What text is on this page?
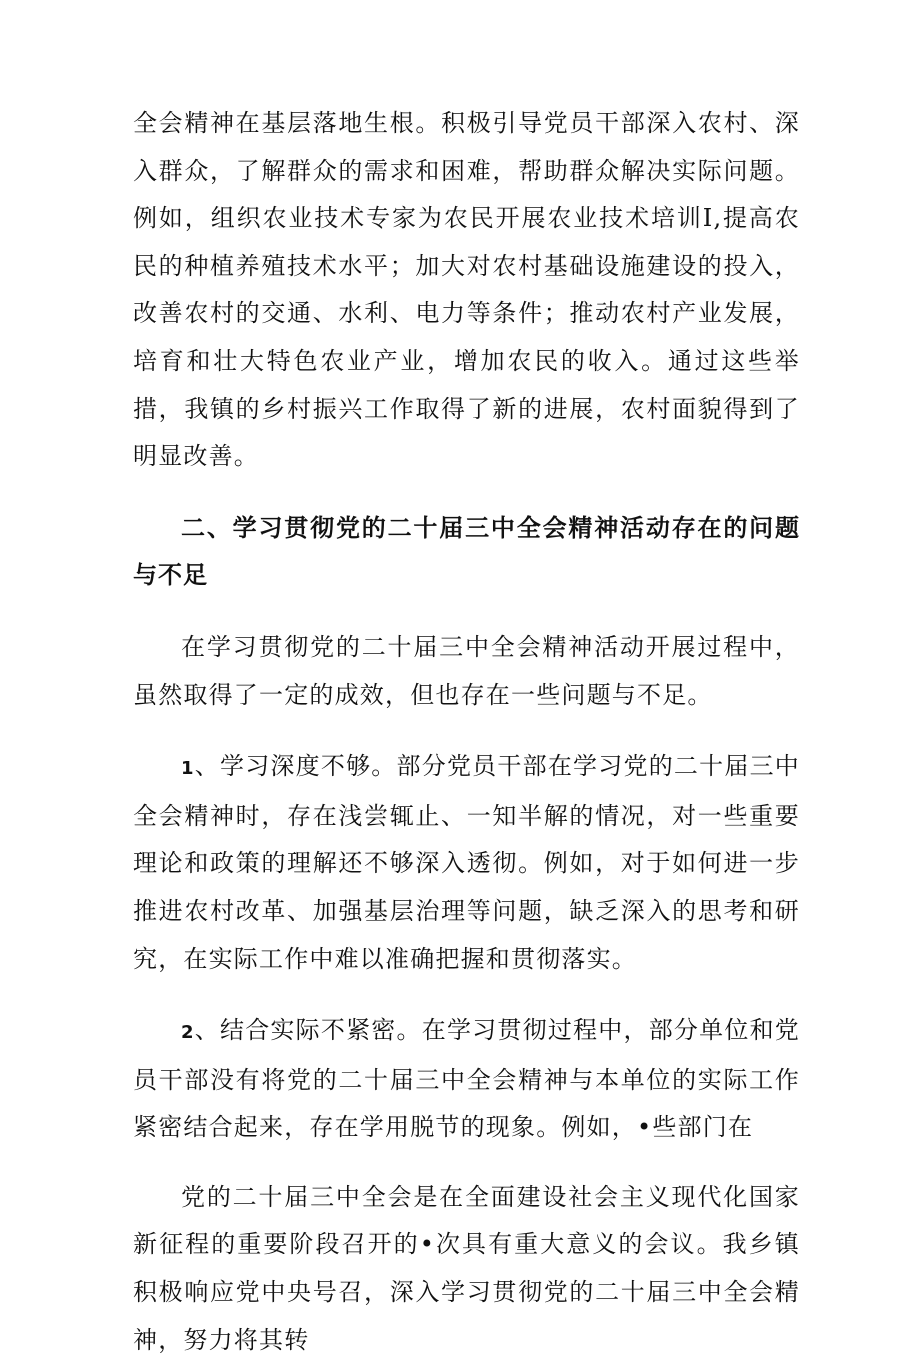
全会精神在基层落地生根。积极引导党员干部深入农村、深入群众，了解群众的需求和困难，帮助群众解决实际问题。例如，组织农业技术专家为农民开展农业技术培训I,提高农民的种植养殖技术水平；加大对农村基础设施建设的投入，改善农村的交通、水利、电力等条件；推动农村产业发展，培育和壮大特色农业产业，增加农民的收入。通过这些举措，我镇的乡村振兴工作取得了新的进展，农村面貌得到了明显改善。

二、学习贯彻党的二十届三中全会精神活动存在的问题与不足

在学习贯彻党的二十届三中全会精神活动开展过程中，虽然取得了一定的成效，但也存在一些问题与不足。

1、学习深度不够。部分党员干部在学习党的二十届三中全会精神时，存在浅尝辄止、一知半解的情况，对一些重要理论和政策的理解还不够深入透彻。例如，对于如何进一步推进农村改革、加强基层治理等问题，缺乏深入的思考和研究，在实际工作中难以准确把握和贯彻落实。

2、结合实际不紧密。在学习贯彻过程中，部分单位和党员干部没有将党的二十届三中全会精神与本单位的实际工作紧密结合起来，存在学用脱节的现象。例如，•些部门在

党的二十届三中全会是在全面建设社会主义现代化国家新征程的重要阶段召开的•次具有重大意义的会议。我乡镇积极响应党中央号召，深入学习贯彻党的二十届三中全会精神，努力将其转
